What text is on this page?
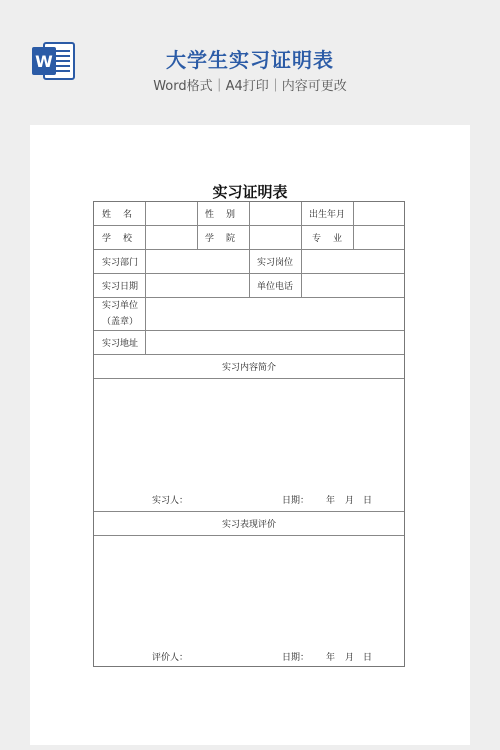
W	大学生实习证明表
Word格式｜A4打印｜内容可更改
实习证明表
姓 名	性 别	出生年月
学 校	学 院	专 业
实习部门	实习岗位
实习日期	单位电话
实习单位
（盖章）
实习地址
实习内容简介
实习人：	日期： 年 月 日
实习表现评价
评价人：	日期： 年 月 日
